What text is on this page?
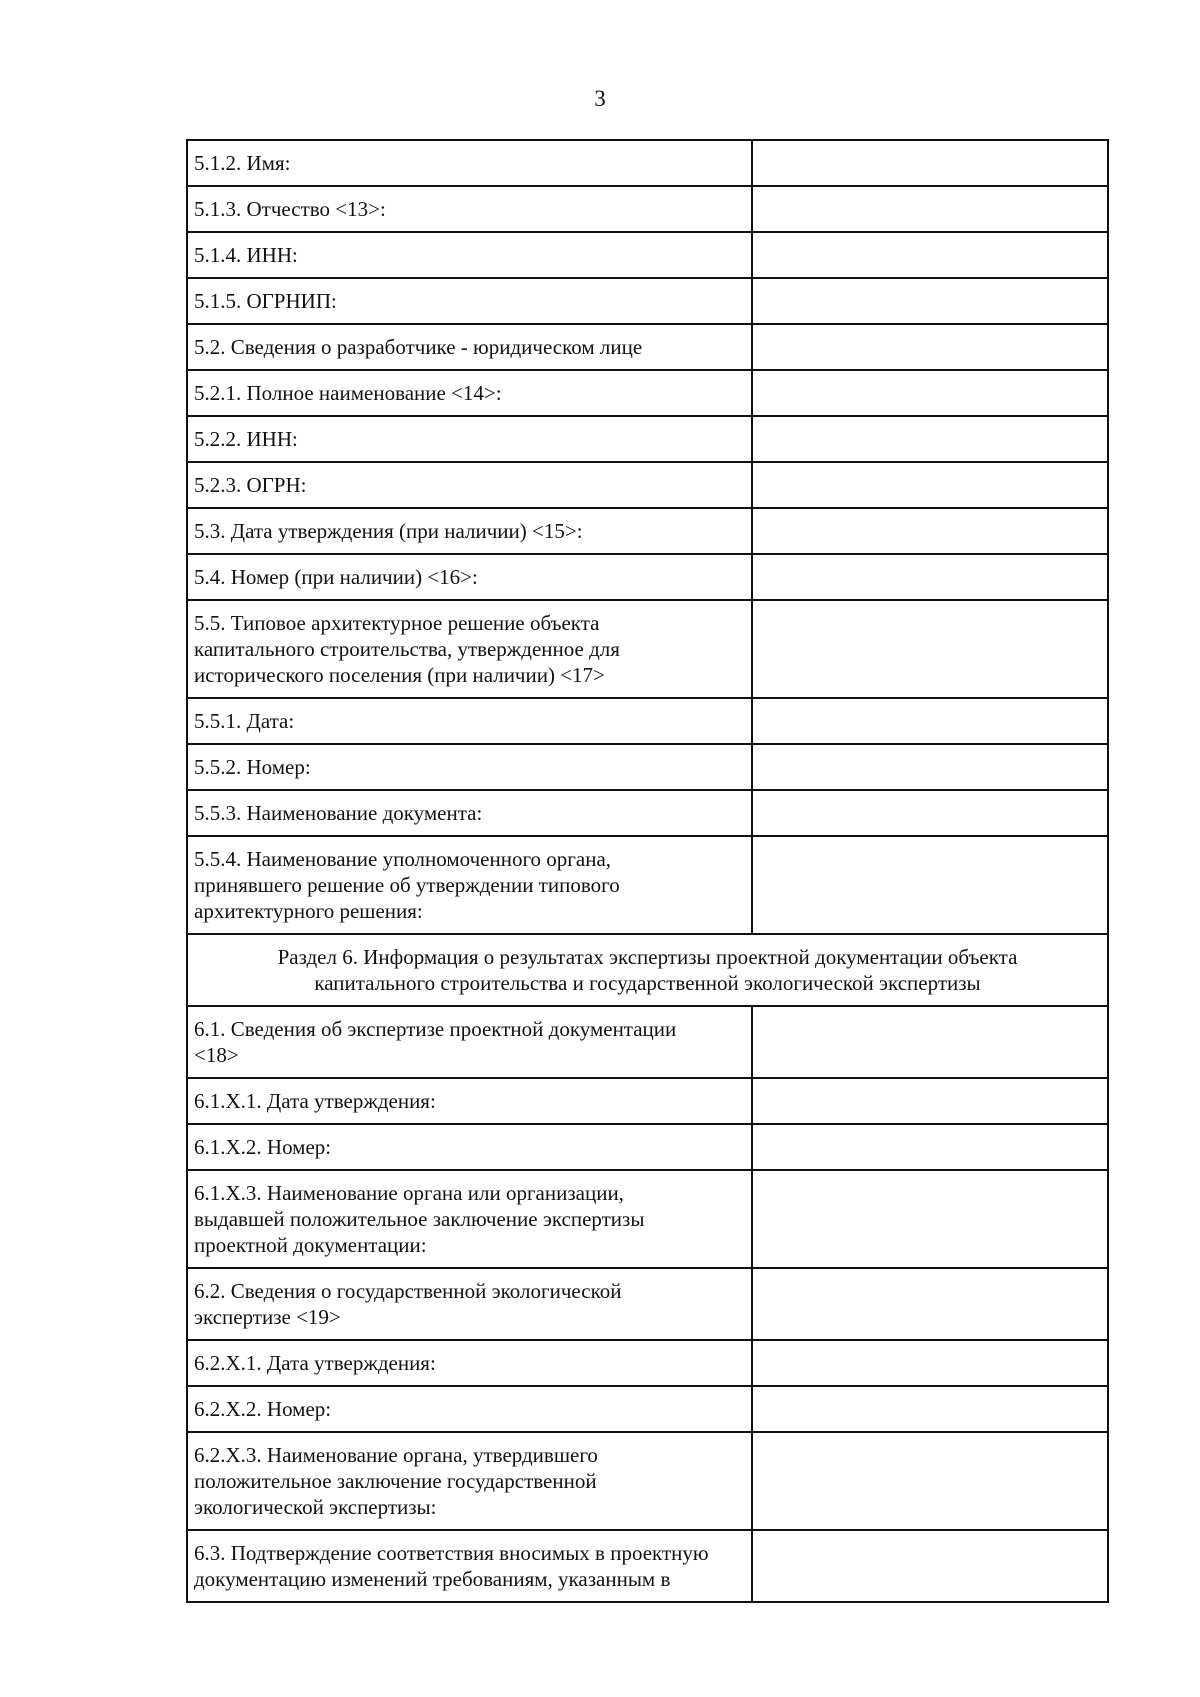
3
5.1.2. Имя:	
5.1.3. Отчество <13>:	
5.1.4. ИНН:	
5.1.5. ОГРНИП:	
5.2. Сведения о разработчике - юридическом лице	
5.2.1. Полное наименование <14>:	
5.2.2. ИНН:	
5.2.3. ОГРН:	
5.3. Дата утверждения (при наличии) <15>:	
5.4. Номер (при наличии) <16>:	
5.5. Типовое архитектурное решение объекта
капитального строительства, утвержденное для
исторического поселения (при наличии) <17>	
5.5.1. Дата:	
5.5.2. Номер:	
5.5.3. Наименование документа:	
5.5.4. Наименование уполномоченного органа,
принявшего решение об утверждении типового
архитектурного решения:	
Раздел 6. Информация о результатах экспертизы проектной документации объекта
капитального строительства и государственной экологической экспертизы	
6.1. Сведения об экспертизе проектной документации
<18>	
6.1.X.1. Дата утверждения:	
6.1.X.2. Номер:	
6.1.X.3. Наименование органа или организации,
выдавшей положительное заключение экспертизы
проектной документации:	
6.2. Сведения о государственной экологической
экспертизе <19>	
6.2.X.1. Дата утверждения:	
6.2.X.2. Номер:	
6.2.X.3. Наименование органа, утвердившего
положительное заключение государственной
экологической экспертизы:	
6.3. Подтверждение соответствия вносимых в проектную
документацию изменений требованиям, указанным в	
